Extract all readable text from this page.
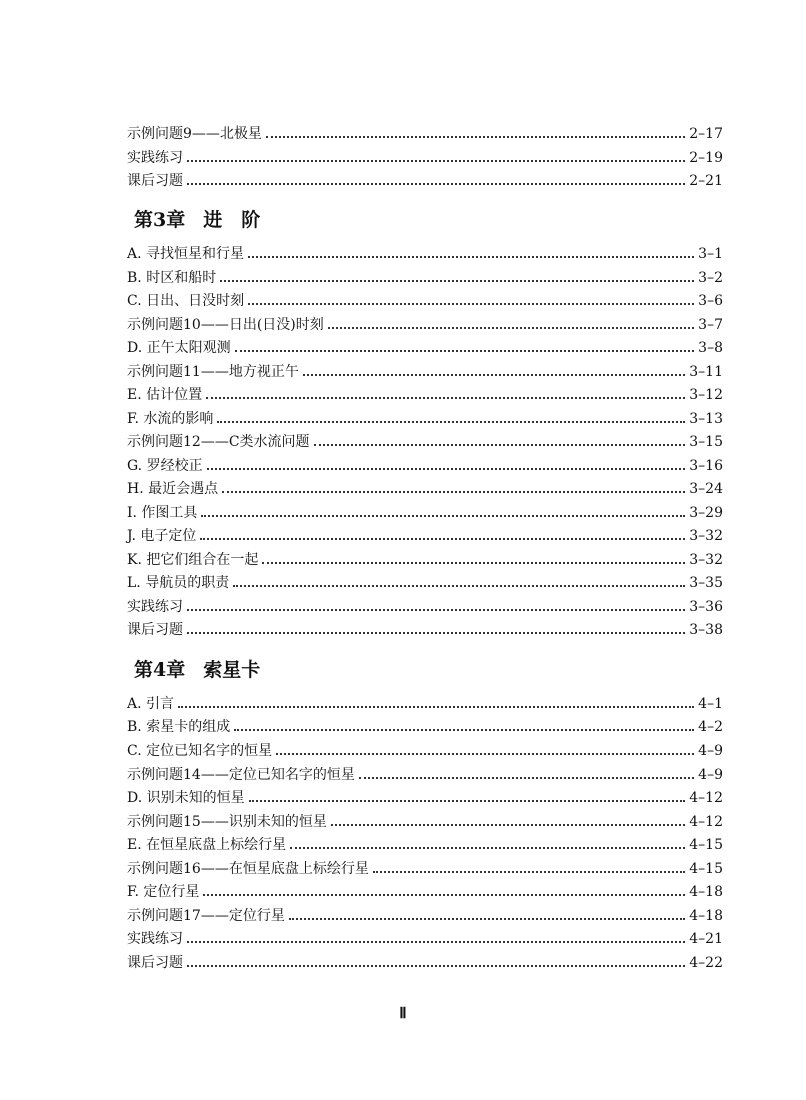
示例问题9——北极星	2–17
实践练习	2–19
课后习题	2–21
第3章 进　阶
A. 寻找恒星和行星	3–1
B. 时区和船时	3–2
C. 日出、日没时刻	3–6
示例问题10——日出(日没)时刻	3–7
D. 正午太阳观测	3–8
示例问题11——地方视正午	3–11
E. 估计位置	3–12
F. 水流的影响	3–13
示例问题12——C类水流问题	3–15
G. 罗经校正	3–16
H. 最近会遇点	3–24
I. 作图工具	3–29
J. 电子定位	3–32
K. 把它们组合在一起	3–32
L. 导航员的职责	3–35
实践练习	3–36
课后习题	3–38
第4章 索星卡
A. 引言	4–1
B. 索星卡的组成	4–2
C. 定位已知名字的恒星	4–9
示例问题14——定位已知名字的恒星	4–9
D. 识别未知的恒星	4–12
示例问题15——识别未知的恒星	4–12
E. 在恒星底盘上标绘行星	4–15
示例问题16——在恒星底盘上标绘行星	4–15
F. 定位行星	4–18
示例问题17——定位行星	4–18
实践练习	4–21
课后习题	4–22
Ⅱ
